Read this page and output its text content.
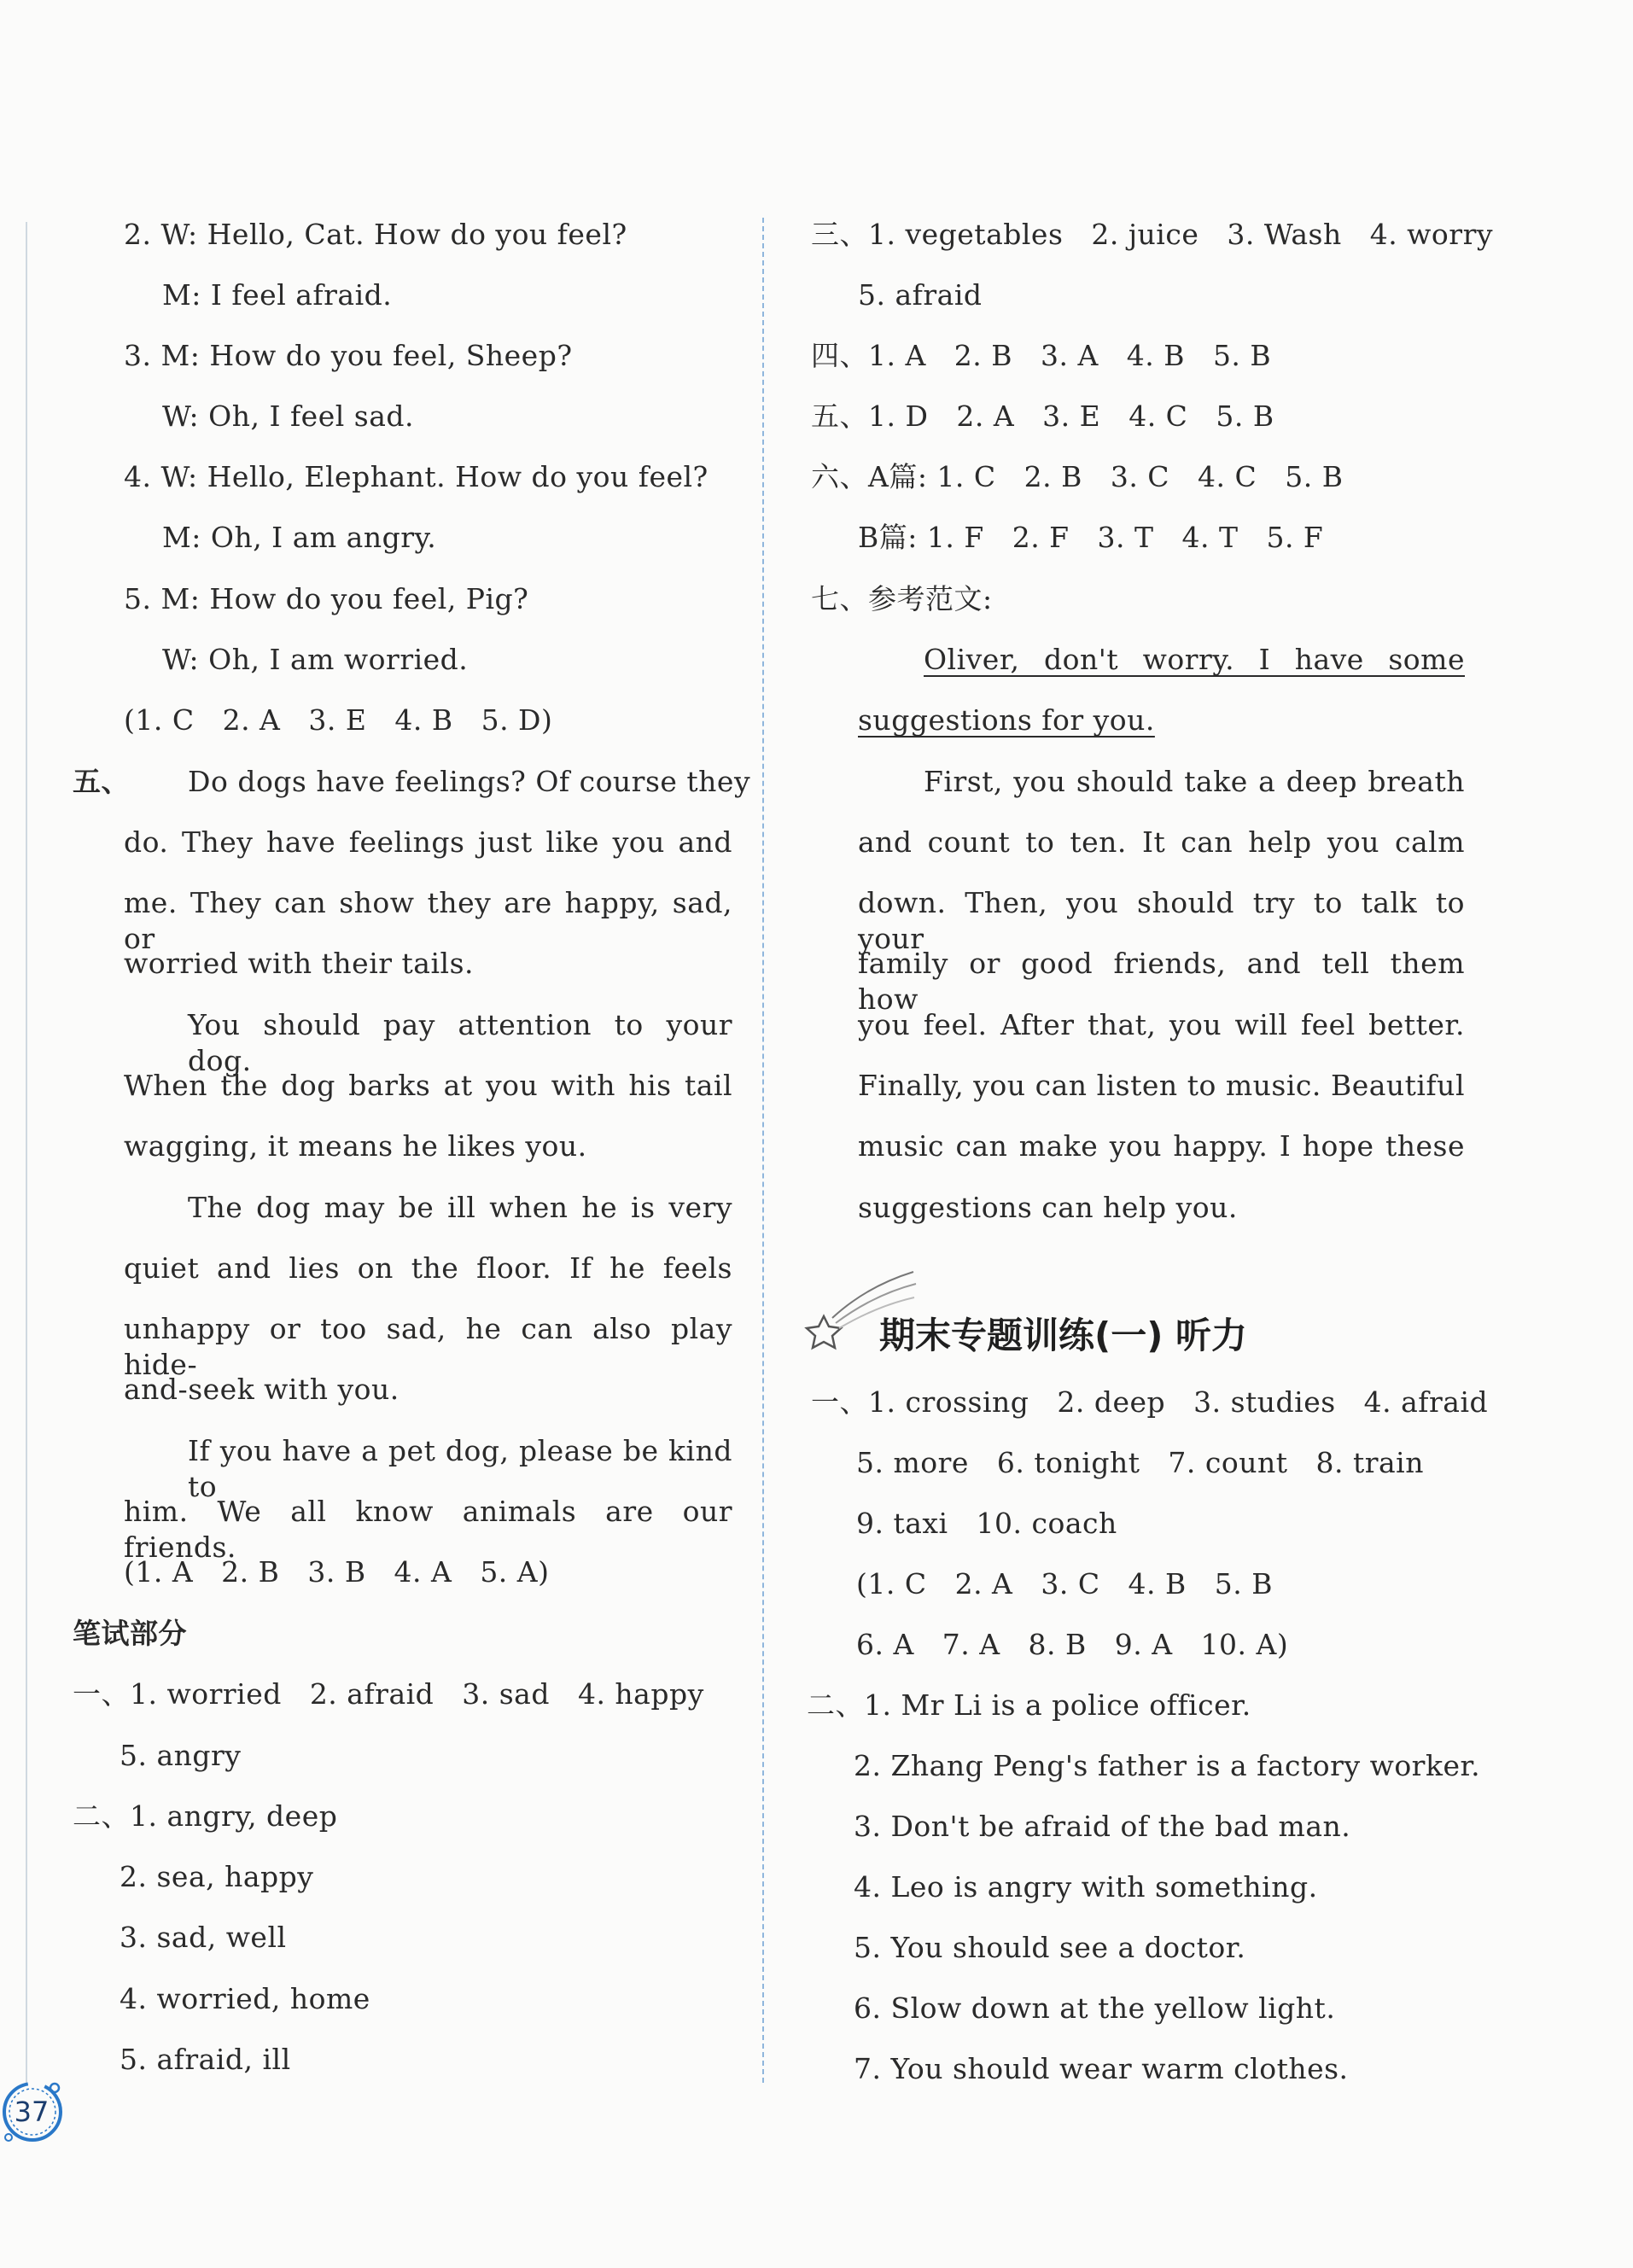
2. W: Hello, Cat. How do you feel?
M: I feel afraid.
3. M: How do you feel, Sheep?
W: Oh, I feel sad.
4. W: Hello, Elephant. How do you feel?
M: Oh, I am angry.
5. M: How do you feel, Pig?
W: Oh, I am worried.
(1. C   2. A   3. E   4. B   5. D)
五、 Do dogs have feelings? Of course they
do. They have feelings just like you and
me. They can show they are happy, sad, or
worried with their tails.
You should pay attention to your dog.
When the dog barks at you with his tail
wagging, it means he likes you.
The dog may be ill when he is very
quiet and lies on the floor. If he feels
unhappy or too sad, he can also play hide-
and-seek with you.
If you have a pet dog, please be kind to
him. We all know animals are our friends.
(1. A   2. B   3. B   4. A   5. A)
笔试部分
一、1. worried   2. afraid   3. sad   4. happy
5. angry
二、1. angry, deep
2. sea, happy
3. sad, well
4. worried, home
5. afraid, ill
三、1. vegetables   2. juice   3. Wash   4. worry
5. afraid
四、1. A   2. B   3. A   4. B   5. B
五、1. D   2. A   3. E   4. C   5. B
六、A篇: 1. C   2. B   3. C   4. C   5. B
B篇: 1. F   2. F   3. T   4. T   5. F
七、参考范文:
Oliver, don't worry. I have some
suggestions for you.
First, you should take a deep breath
and count to ten. It can help you calm
down. Then, you should try to talk to your
family or good friends, and tell them how
you feel. After that, you will feel better.
Finally, you can listen to music. Beautiful
music can make you happy. I hope these
suggestions can help you.
期末专题训练(一) 听力
一、1. crossing   2. deep   3. studies   4. afraid
5. more   6. tonight   7. count   8. train
9. taxi   10. coach
(1. C   2. A   3. C   4. B   5. B
6. A   7. A   8. B   9. A   10. A)
二、1. Mr Li is a police officer.
2. Zhang Peng's father is a factory worker.
3. Don't be afraid of the bad man.
4. Leo is angry with something.
5. You should see a doctor.
6. Slow down at the yellow light.
7. You should wear warm clothes.
37
